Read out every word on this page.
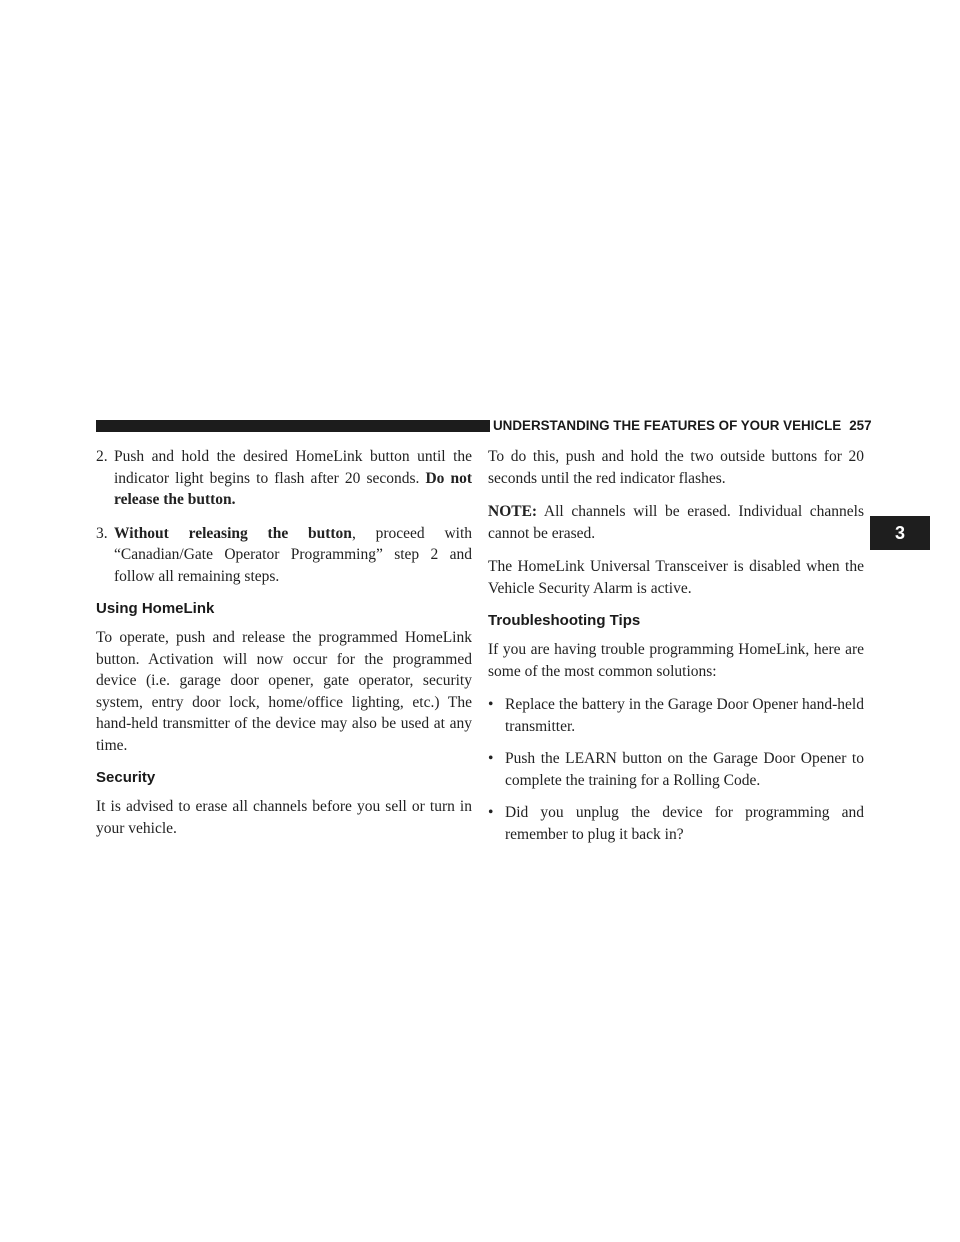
UNDERSTANDING THE FEATURES OF YOUR VEHICLE 257
3
2. Push and hold the desired HomeLink button until the indicator light begins to flash after 20 seconds. Do not release the button.
3. Without releasing the button, proceed with “Canadian/Gate Operator Programming” step 2 and follow all remaining steps.
Using HomeLink

To operate, push and release the programmed HomeLink button. Activation will now occur for the programmed device (i.e. garage door opener, gate operator, security system, entry door lock, home/office lighting, etc.) The hand-held transmitter of the device may also be used at any time.

Security

It is advised to erase all channels before you sell or turn in your vehicle.

To do this, push and hold the two outside buttons for 20 seconds until the red indicator flashes.

NOTE: All channels will be erased. Individual channels cannot be erased.

The HomeLink Universal Transceiver is disabled when the Vehicle Security Alarm is active.

Troubleshooting Tips

If you are having trouble programming HomeLink, here are some of the most common solutions:

• Replace the battery in the Garage Door Opener hand-held transmitter.
• Push the LEARN button on the Garage Door Opener to complete the training for a Rolling Code.
• Did you unplug the device for programming and remember to plug it back in?
